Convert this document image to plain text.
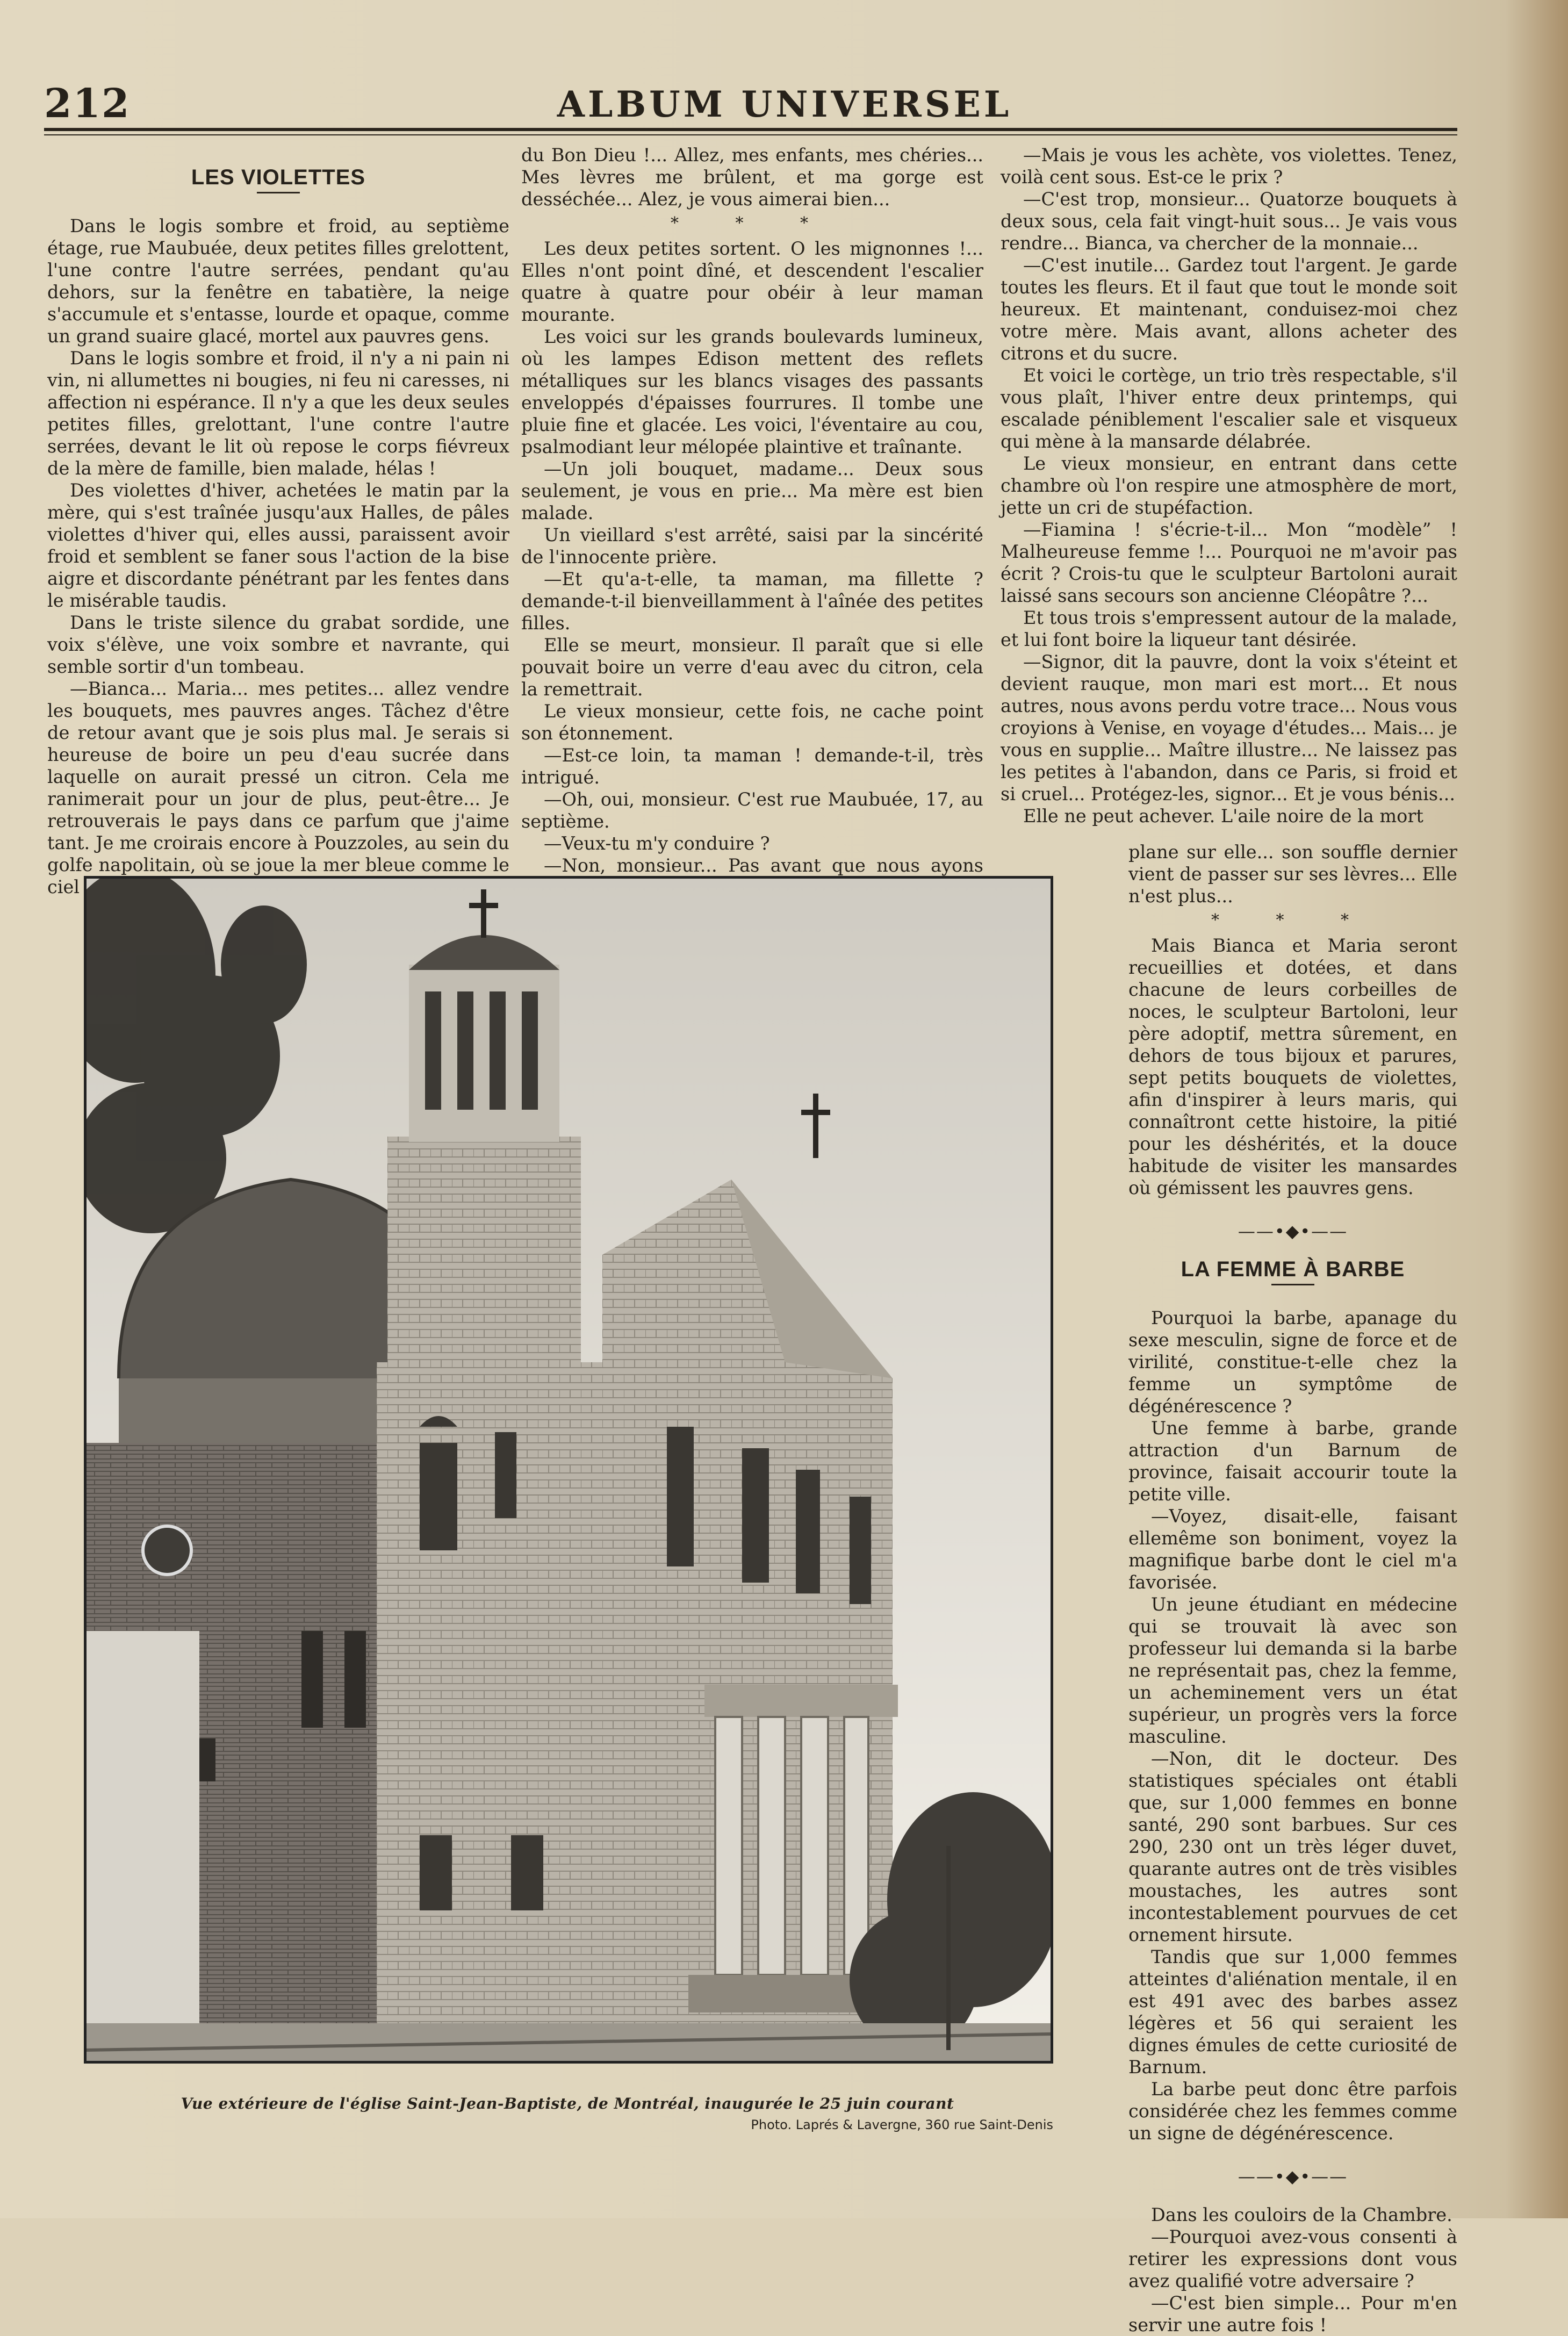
212	ALBUM UNIVERSEL
LES VIOLETTES

Dans le logis sombre et froid, au septième étage, rue Maubuée, deux petites filles grelottent, l'une contre l'autre serrées, pendant qu'au dehors, sur la fenêtre en tabatière, la neige s'accumule et s'entasse, lourde et opaque, comme un grand suaire glacé, mortel aux pauvres gens.

Dans le logis sombre et froid, il n'y a ni pain ni vin, ni allumettes ni bougies, ni feu ni caresses, ni affection ni espérance. Il n'y a que les deux seules petites filles, grelottant, l'une contre l'autre serrées, devant le lit où repose le corps fiévreux de la mère de famille, bien malade, hélas !

Des violettes d'hiver, achetées le matin par la mère, qui s'est traînée jusqu'aux Halles, de pâles violettes d'hiver qui, elles aussi, paraissent avoir froid et semblent se faner sous l'action de la bise aigre et discordante pénétrant par les fentes dans le misérable taudis.

Dans le triste silence du grabat sordide, une voix s'élève, une voix sombre et navrante, qui semble sortir d'un tombeau.

—Bianca... Maria... mes petites... allez vendre les bouquets, mes pauvres anges. Tâchez d'être de retour avant que je sois plus mal. Je serais si heureuse de boire un peu d'eau sucrée dans laquelle on aurait pressé un citron. Cela me ranimerait pour un jour de plus, peut-être... Je retrouverais le pays dans ce parfum que j'aime tant. Je me croirais encore à Pouzzoles, au sein du golfe napolitain, où se joue la mer bleue comme le ciel

du Bon Dieu !... Allez, mes enfants, mes chéries... Mes lèvres me brûlent, et ma gorge est desséchée... Alez, je vous aimerai bien...

* * *

Les deux petites sortent. O les mignonnes !... Elles n'ont point dîné, et descendent l'escalier quatre à quatre pour obéir à leur maman mourante.

Les voici sur les grands boulevards lumineux, où les lampes Edison mettent des reflets métalliques sur les blancs visages des passants enveloppés d'épaisses fourrures. Il tombe une pluie fine et glacée. Les voici, l'éventaire au cou, psalmodiant leur mélopée plaintive et traînante.

—Un joli bouquet, madame... Deux sous seulement, je vous en prie... Ma mère est bien malade.

Un vieillard s'est arrêté, saisi par la sincérité de l'innocente prière.

—Et qu'a-t-elle, ta maman, ma fillette ? demande-t-il bienveillamment à l'aînée des petites filles.

Elle se meurt, monsieur. Il paraît que si elle pouvait boire un verre d'eau avec du citron, cela la remettrait.

Le vieux monsieur, cette fois, ne cache point son étonnement.

—Est-ce loin, ta maman ! demande-t-il, très intrigué.

—Oh, oui, monsieur. C'est rue Maubuée, 17, au septième.

—Veux-tu m'y conduire ?

—Non, monsieur... Pas avant que nous ayons

—Mais je vous les achète, vos violettes. Tenez, voilà cent sous. Est-ce le prix ?

—C'est trop, monsieur... Quatorze bouquets à deux sous, cela fait vingt-huit sous... Je vais vous rendre... Bianca, va chercher de la monnaie...

—C'est inutile... Gardez tout l'argent. Je garde toutes les fleurs. Et il faut que tout le monde soit heureux. Et maintenant, conduisez-moi chez votre mère. Mais avant, allons acheter des citrons et du sucre.

Et voici le cortège, un trio très respectable, s'il vous plaît, l'hiver entre deux printemps, qui escalade péniblement l'escalier sale et visqueux qui mène à la mansarde délabrée.

Le vieux monsieur, en entrant dans cette chambre où l'on respire une atmosphère de mort, jette un cri de stupéfaction.

—Fiamina ! s'écrie-t-il... Mon “modèle” ! Malheureuse femme !... Pourquoi ne m'avoir pas écrit ? Crois-tu que le sculpteur Bartoloni aurait laissé sans secours son ancienne Cléopâtre ?...

Et tous trois s'empressent autour de la malade, et lui font boire la liqueur tant désirée.

—Signor, dit la pauvre, dont la voix s'éteint et devient rauque, mon mari est mort... Et nous autres, nous avons perdu votre trace... Nous vous croyions à Venise, en voyage d'études... Mais... je vous en supplie... Maître illustre... Ne laissez pas les petites à l'abandon, dans ce Paris, si froid et si cruel... Protégez-les, signor... Et je vous bénis...

Elle ne peut achever. L'aile noire de la mort

plane sur elle... son souffle dernier vient de passer sur ses lèvres... Elle n'est plus...

* * *

Mais Bianca et Maria seront recueillies et dotées, et dans chacune de leurs corbeilles de noces, le sculpteur Bartoloni, leur père adoptif, mettra sûrement, en dehors de tous bijoux et parures, sept petits bouquets de violettes, afin d'inspirer à leurs maris, qui connaîtront cette histoire, la pitié pour les déshérités, et la douce habitude de visiter les mansardes où gémissent les pauvres gens.

——•◆•——
LA FEMME À BARBE

Pourquoi la barbe, apanage du sexe mesculin, signe de force et de virilité, constitue-t-elle chez la femme un symptôme de dégénérescence ?

Une femme à barbe, grande attraction d'un Barnum de province, faisait accourir toute la petite ville.

—Voyez, disait-elle, faisant ellemême son boniment, voyez la magnifique barbe dont le ciel m'a favorisée.

Un jeune étudiant en médecine qui se trouvait là avec son professeur lui demanda si la barbe ne représentait pas, chez la femme, un acheminement vers un état supérieur, un progrès vers la force masculine.

—Non, dit le docteur. Des statistiques spéciales ont établi que, sur 1,000 femmes en bonne santé, 290 sont barbues. Sur ces 290, 230 ont un très léger duvet, quarante autres ont de très visibles moustaches, les autres sont incontestablement pourvues de cet ornement hirsute.

Tandis que sur 1,000 femmes atteintes d'aliénation mentale, il en est 491 avec des barbes assez légères et 56 qui seraient les dignes émules de cette curiosité de Barnum.

La barbe peut donc être parfois considérée chez les femmes comme un signe de dégénérescence.

——•◆•——

Dans les couloirs de la Chambre.

—Pourquoi avez-vous consenti à retirer les expressions dont vous avez qualifié votre adversaire ?

—C'est bien simple... Pour m'en servir une autre fois !

Vue extérieure de l'église Saint-Jean-Baptiste, de Montréal, inaugurée le 25 juin courant
Photo. Laprés & Lavergne, 360 rue Saint-Denis
